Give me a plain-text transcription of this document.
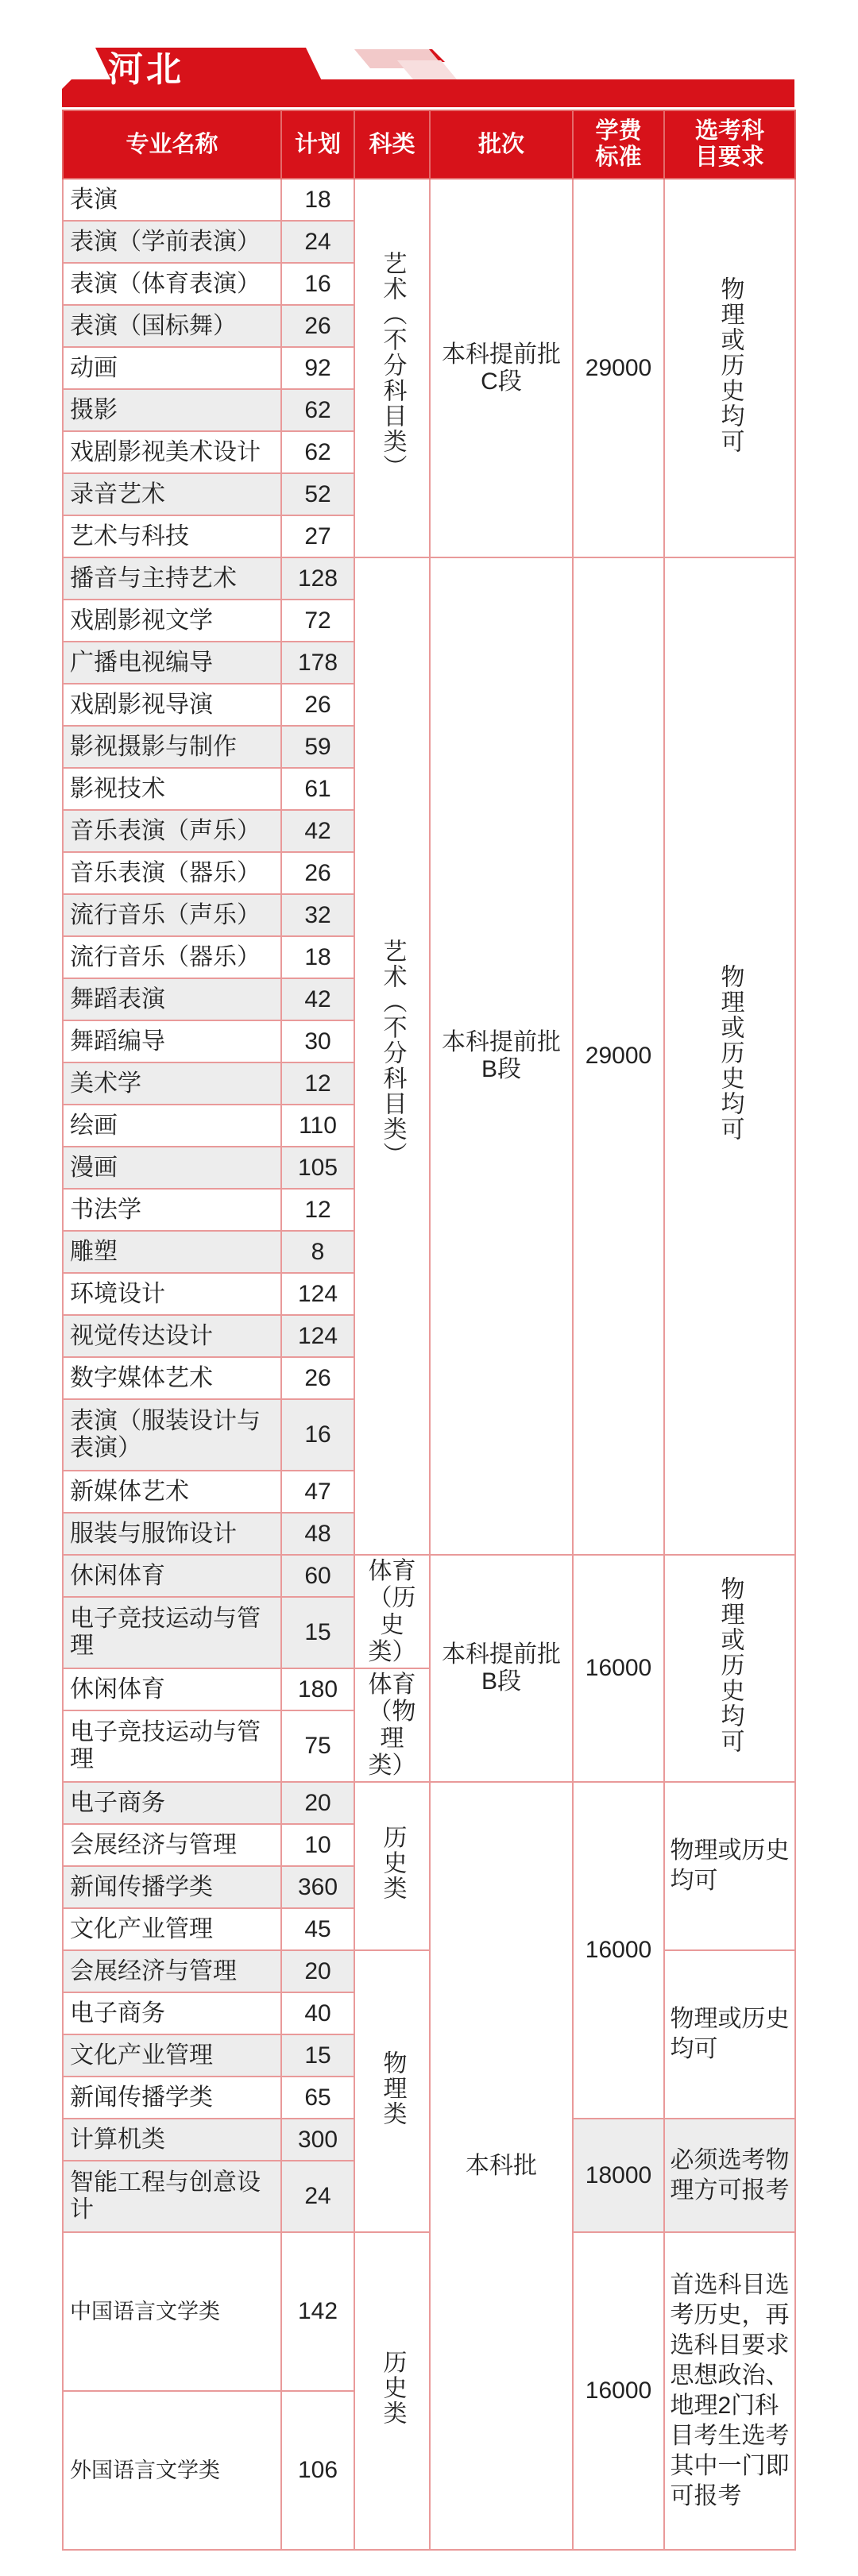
河北
专业名称	计划	科类	批次	学费标准	选考科目要求

表演	18	艺术（不分科目类）	本科提前批C段	29000	物理或历史均可
表演（学前表演）	24				
表演（体育表演）	16				
表演（国标舞）	26				
动画	92				
摄影	62				
戏剧影视美术设计	62				
录音艺术	52				
艺术与科技	27				
播音与主持艺术	128	艺术（不分科目类）	本科提前批B段	29000	物理或历史均可
戏剧影视文学	72				
广播电视编导	178				
戏剧影视导演	26				
影视摄影与制作	59				
影视技术	61				
音乐表演（声乐）	42				
音乐表演（器乐）	26				
流行音乐（声乐）	32				
流行音乐（器乐）	18				
舞蹈表演	42				
舞蹈编导	30				
美术学	12				
绘画	110				
漫画	105				
书法学	12				
雕塑	8				
环境设计	124				
视觉传达设计	124				
数字媒体艺术	26				
表演（服装设计与表演）	16				
新媒体艺术	47				
服装与服饰设计	48				
休闲体育	60	体育（历史类）	本科提前批B段	16000	物理或历史均可
电子竞技运动与管理	15				
休闲体育	180	体育（物理类）			

电子竞技运动与管理	75				
电子商务	20	历史类	本科批	16000	物理或历史均可
会展经济与管理	10				
新闻传播学类	360				
文化产业管理	45				
会展经济与管理	20	物理类			物理或历史均可
电子商务	40				
文化产业管理	15				
新闻传播学类	65				
计算机类	300			18000	必须选考物理方可报考
智能工程与创意设计	24				
中国语言文学类	142	历史类		16000	首选科目选考历史，再选科目要求思想政治、地理2门科目考生选考其中一门即可报考
外国语言文学类	106				
